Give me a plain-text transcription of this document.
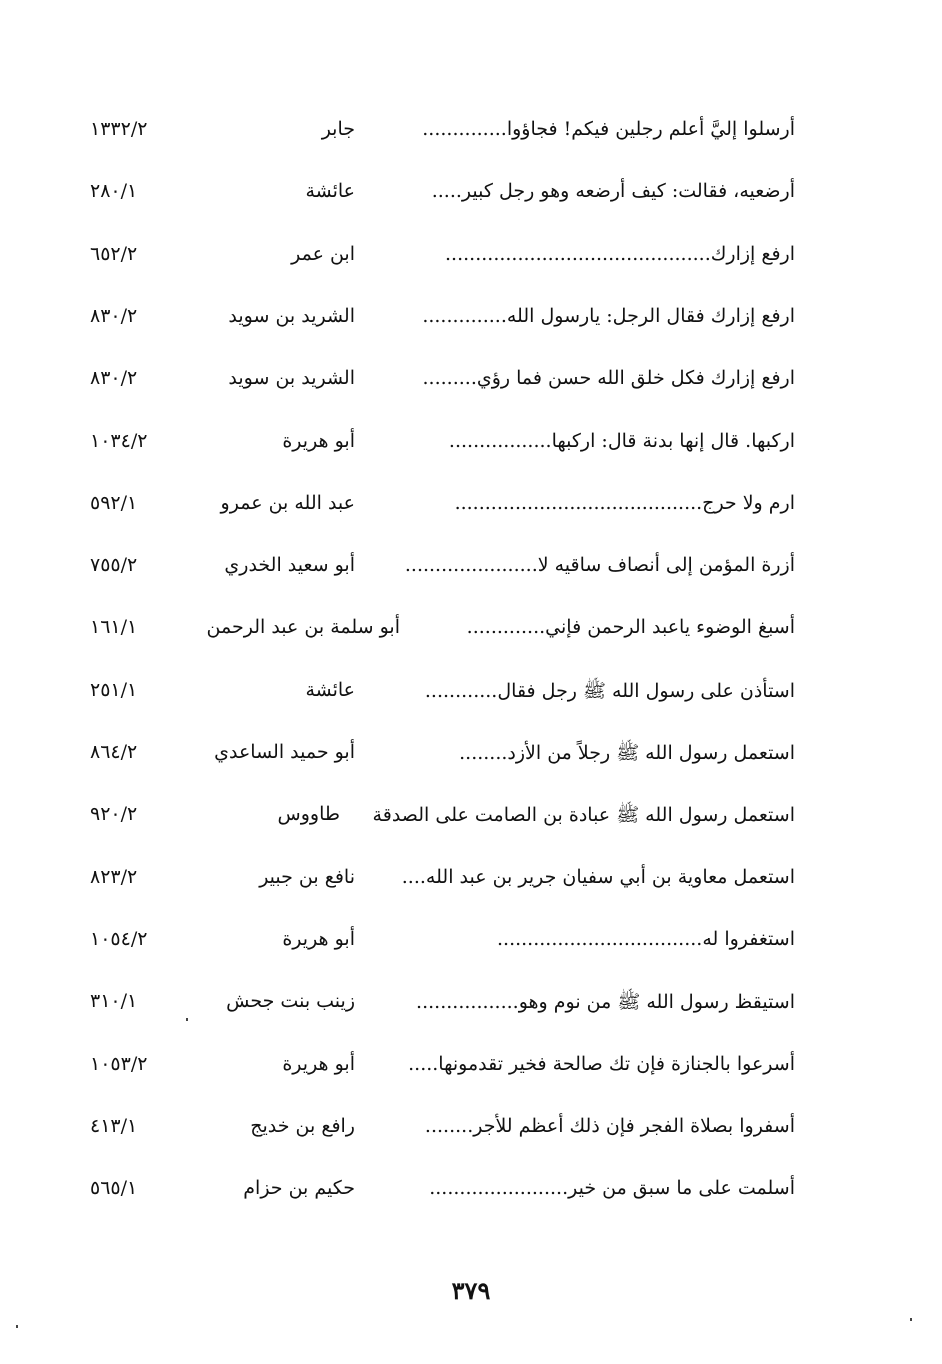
أرسلوا إليَّ أعلم رجلين فيكم! فجاؤوا..............
جابر
١٣٣٢/٢
أرضعيه، فقالت: كيف أرضعه وهو رجل كبير.....
عائشة
٢٨٠/١
ارفع إزارك............................................
ابن عمر
٦٥٢/٢
ارفع إزارك فقال الرجل: يارسول الله..............
الشريد بن سويد
٨٣٠/٢
ارفع إزارك فكل خلق الله حسن فما رؤي.........
الشريد بن سويد
٨٣٠/٢
اركبها. قال إنها بدنة قال: اركبها.................
أبو هريرة
١٠٣٤/٢
ارم ولا حرج.........................................
عبد الله بن عمرو
٥٩٢/١
أزرة المؤمن إلى أنصاف ساقيه لا......................
أبو سعيد الخدري
٧٥٥/٢
أسبغ الوضوء ياعبد الرحمن فإني.............
أبو سلمة بن عبد الرحمن
١٦١/١
استأذن على رسول الله ﷺ رجل فقال............
عائشة
٢٥١/١
استعمل رسول الله ﷺ رجلاً من الأزد........
أبو حميد الساعدي
٨٦٤/٢
استعمل رسول الله ﷺ عبادة بن الصامت على الصدقة
طاووس
٩٢٠/٢
استعمل معاوية بن أبي سفيان جرير بن عبد الله....
نافع بن جبير
٨٢٣/٢
استغفروا له..................................
أبو هريرة
١٠٥٤/٢
استيقظ رسول الله ﷺ من نوم وهو.................
زينب بنت جحش
٣١٠/١
أسرعوا بالجنازة فإن تك صالحة فخير تقدمونها.....
أبو هريرة
١٠٥٣/٢
أسفروا بصلاة الفجر فإن ذلك أعظم للأجر........
رافع بن خديج
٤١٣/١
أسلمت على ما سبق من خير.......................
حكيم بن حزام
٥٦٥/١
٣٧٩
